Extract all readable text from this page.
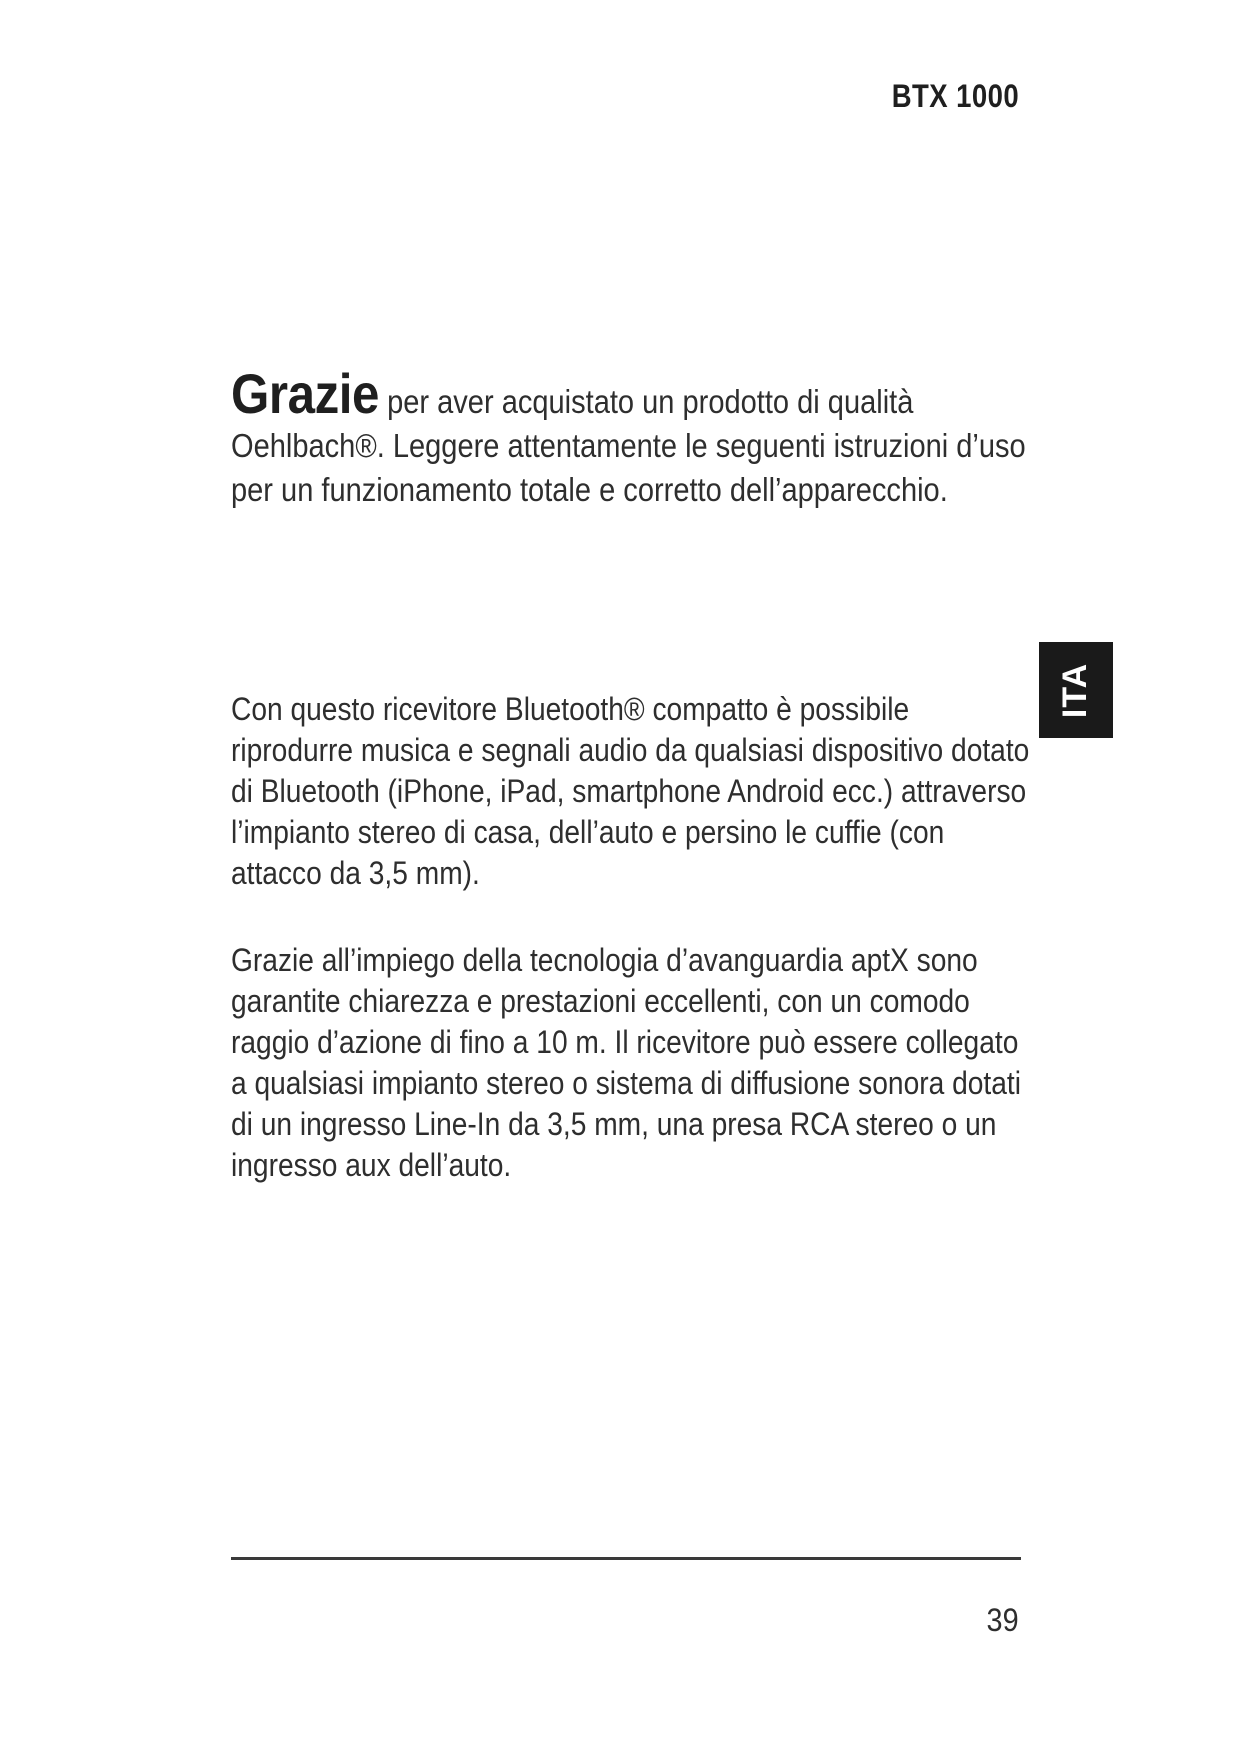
BTX 1000
Grazie per aver acquistato un prodotto di qualità
Oehlbach®. Leggere attentamente le seguenti istruzioni d’uso
per un funzionamento totale e corretto dell’apparecchio.
Con questo ricevitore Bluetooth® compatto è possibile
riprodurre musica e segnali audio da qualsiasi dispositivo dotato
di Bluetooth (iPhone, iPad, smartphone Android ecc.) attraverso
l’impianto stereo di casa, dell’auto e persino le cuffie (con
attacco da 3,5 mm).
Grazie all’impiego della tecnologia d’avanguardia aptX sono
garantite chiarezza e prestazioni eccellenti, con un comodo
raggio d’azione di fino a 10 m. Il ricevitore può essere collegato
a qualsiasi impianto stereo o sistema di diffusione sonora dotati
di un ingresso Line-In da 3,5 mm, una presa RCA stereo o un
ingresso aux dell’auto.
ITA
39
